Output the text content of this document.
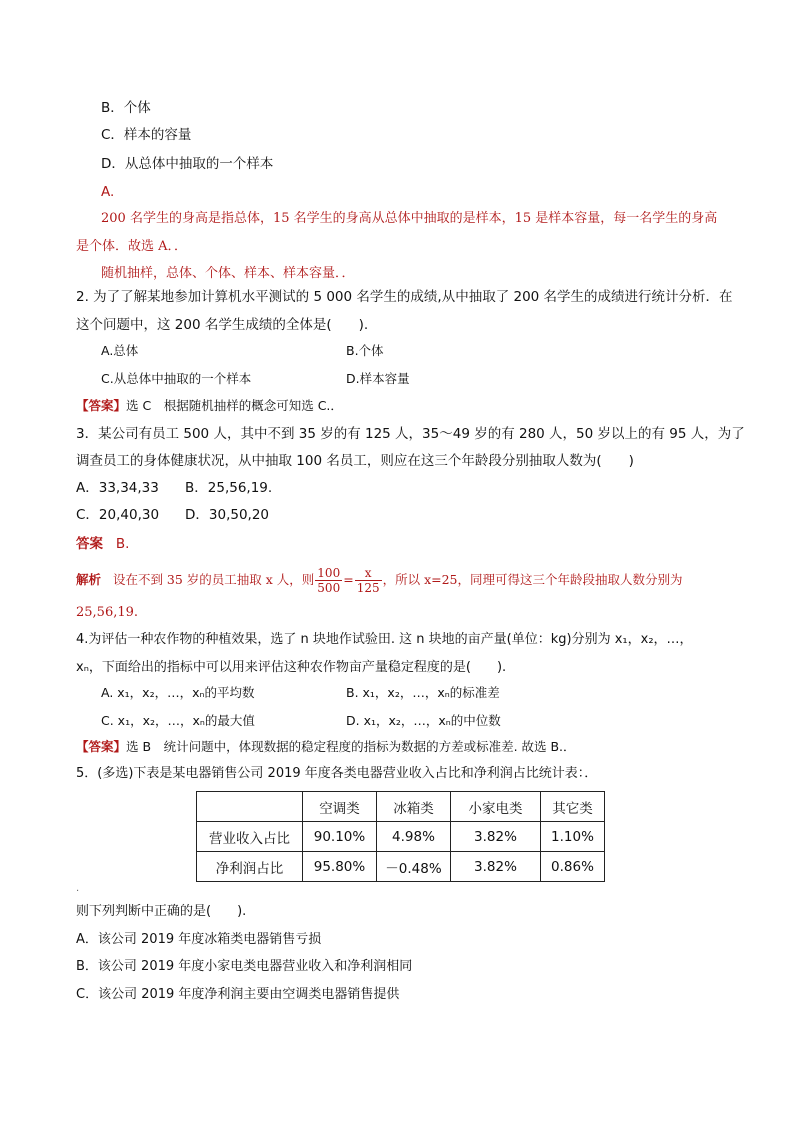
B．个体
C．样本的容量
D．从总体中抽取的一个样本
A.
200 名学生的身高是指总体，15 名学生的身高从总体中抽取的是样本，15 是样本容量，每一名学生的身高
是个体．故选 A．．
随机抽样，总体、个体、样本、样本容量．．
2. 为了了解某地参加计算机水平测试的 5 000 名学生的成绩,从中抽取了 200 名学生的成绩进行统计分析．在
这个问题中，这 200 名学生成绩的全体是(　　).
A.总体	B.个体
C.从总体中抽取的一个样本	D.样本容量
【答案】选 C　根据随机抽样的概念可知选 C.．
3．某公司有员工 500 人，其中不到 35 岁的有 125 人，35～49 岁的有 280 人，50 岁以上的有 95 人，为了
调查员工的身体健康状况，从中抽取 100 名员工，则应在这三个年龄段分别抽取人数为(　　)
A．33,34,33 B．25,56,19.
C．20,40,30 D．30,50,20
答案 B.
解析 设在不到 35 岁的员工抽取 x 人，则 $\frac{100}{500} = \frac{x}{125}$ ，所以 x=25，同理可得这三个年龄段抽取人数分别为
25,56,19.
4.为评估一种农作物的种植效果，选了 n 块地作试验田. 这 n 块地的亩产量(单位：kg)分别为 x₁，x₂，…，
xₙ，下面给出的指标中可以用来评估这种农作物亩产量稳定程度的是(　　).
A. x₁，x₂，…，xₙ的平均数	B. x₁，x₂，…，xₙ的标准差
C. x₁，x₂，…，xₙ的最大值	D. x₁，x₂，…，xₙ的中位数
【答案】选 B　统计问题中，体现数据的稳定程度的指标为数据的方差或标准差. 故选 B.．
5．(多选)下表是某电器销售公司 2019 年度各类电器营业收入占比和净利润占比统计表：．
	空调类	冰箱类	小家电类	其它类
营业收入占比	90.10%	4.98%	3.82%	1.10%
净利润占比	95.80%	－0.48%	3.82%	0.86%
.
则下列判断中正确的是(　　).
A．该公司 2019 年度冰箱类电器销售亏损
B．该公司 2019 年度小家电类电器营业收入和净利润相同
C．该公司 2019 年度净利润主要由空调类电器销售提供
